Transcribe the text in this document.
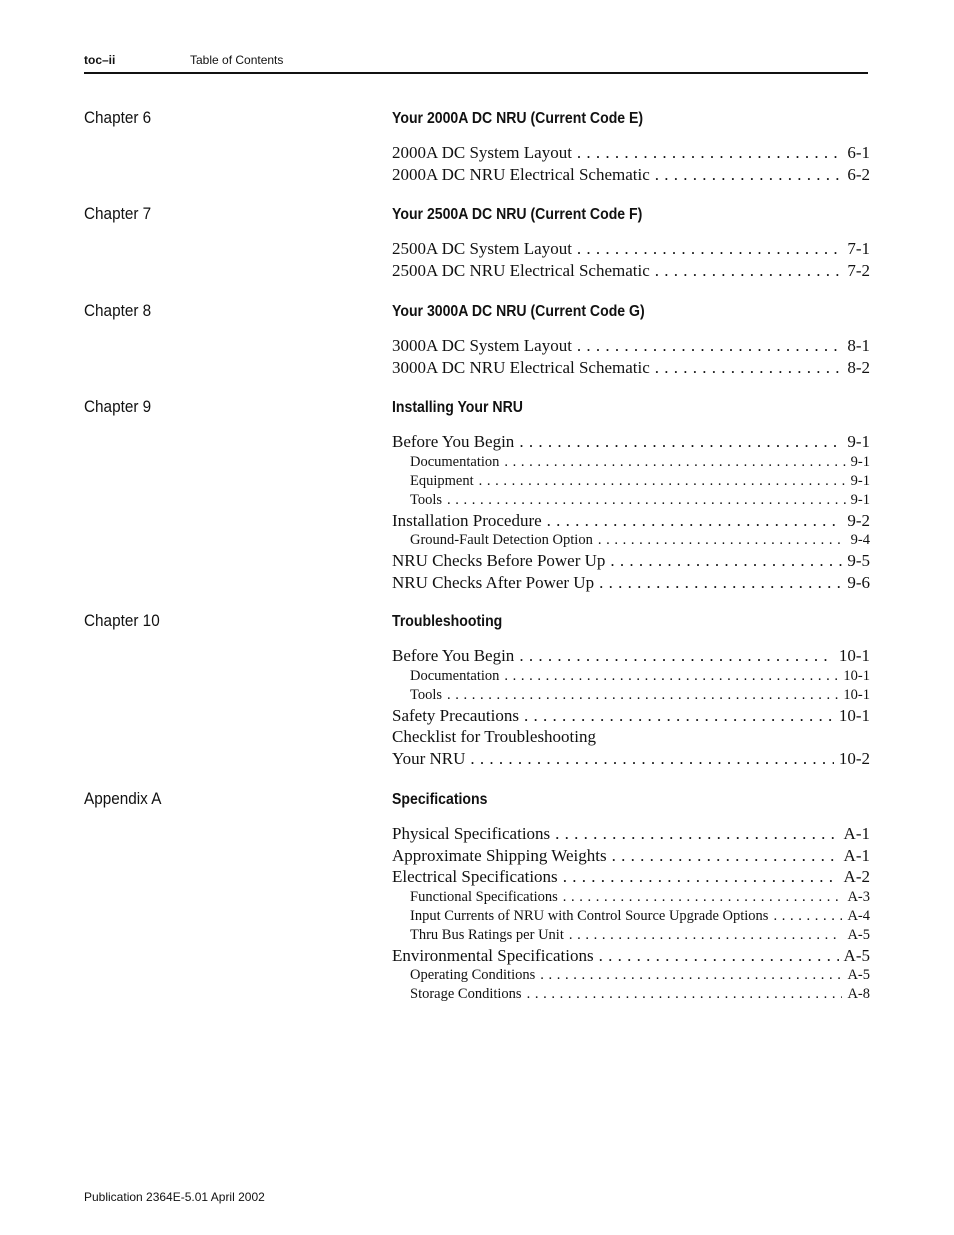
toc–ii	Table of Contents
Chapter 6	Your 2000A DC NRU (Current Code E)
2000A DC System Layout . . .	6-1
2000A DC NRU Electrical Schematic . . .	6-2
Chapter 7	Your 2500A DC NRU (Current Code F)
2500A DC System Layout . . .	7-1
2500A DC NRU Electrical Schematic . . .	7-2
Chapter 8	Your 3000A DC NRU (Current Code G)
3000A DC System Layout . . .	8-1
3000A DC NRU Electrical Schematic . . .	8-2
Chapter 9	Installing Your NRU
Before You Begin . . .	9-1
Documentation . . .	9-1
Equipment . . .	9-1
Tools . . .	9-1
Installation Procedure . . .	9-2
Ground-Fault Detection Option . . .	9-4
NRU Checks Before Power Up . . .	9-5
NRU Checks After Power Up . . .	9-6
Chapter 10	Troubleshooting
Before You Begin . . .	10-1
Documentation . . .	10-1
Tools . . .	10-1
Safety Precautions . . .	10-1
Checklist for Troubleshooting
Your NRU . . .	10-2
Appendix A	Specifications
Physical Specifications . . .	A-1
Approximate Shipping Weights . . .	A-1
Electrical Specifications . . .	A-2
Functional Specifications . . .	A-3
Input Currents of NRU with Control Source Upgrade Options . . .	A-4
Thru Bus Ratings per Unit . . .	A-5
Environmental Specifications . . .	A-5
Operating Conditions . . .	A-5
Storage Conditions . . .	A-8
Publication 2364E-5.01 April 2002
